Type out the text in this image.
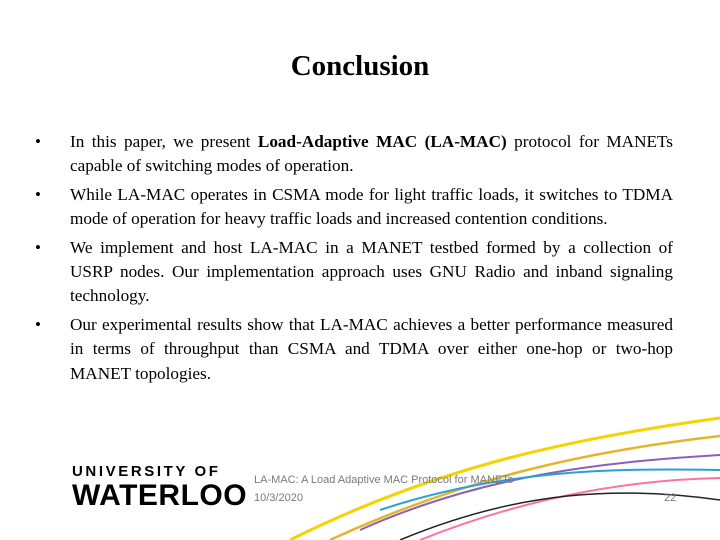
Conclusion
• In this paper, we present Load-Adaptive MAC (LA-MAC) protocol for MANETs capable of switching modes of operation.
• While LA-MAC operates in CSMA mode for light traffic loads, it switches to TDMA mode of operation for heavy traffic loads and increased contention conditions.
• We implement and host LA-MAC in a MANET testbed formed by a collection of USRP nodes. Our implementation approach uses GNU Radio and inband signaling technology.
• Our experimental results show that LA-MAC achieves a better performance measured in terms of throughput than CSMA and TDMA over either one-hop or two-hop MANET topologies.
UNIVERSITY OF
WATERLOO LA-MAC: A Load Adaptive MAC Protocol for MANETs
10/3/2020	22
